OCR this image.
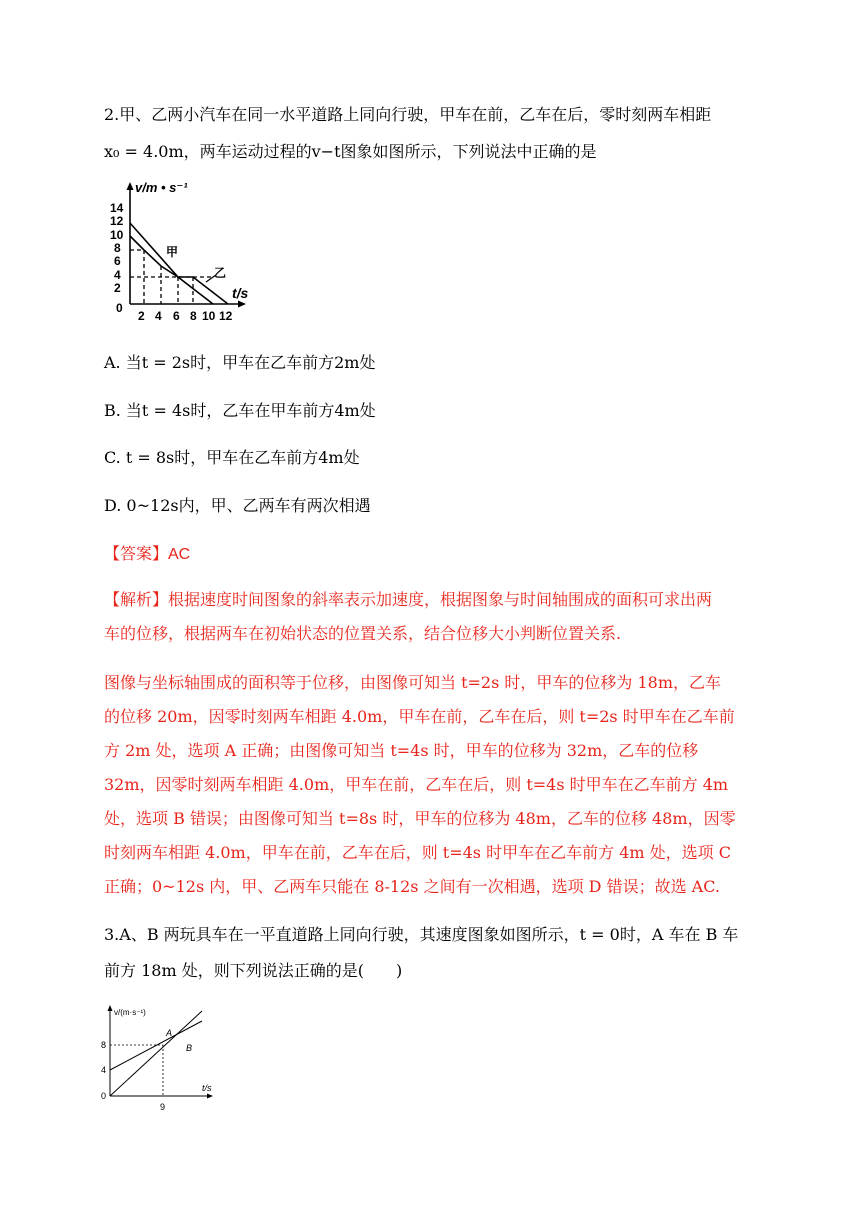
2.甲、乙两小汽车在同一水平道路上同向行驶，甲车在前，乙车在后，零时刻两车相距
x₀ = 4.0m，两车运动过程的v−t图象如图所示，下列说法中正确的是
v/m • s⁻¹
t/s
14
12
10
8
6
4
2
0
2 4 6 8 10 12
甲
乙
A. 当t = 2s时，甲车在乙车前方2m处
B. 当t = 4s时，乙车在甲车前方4m处
C. t = 8s时，甲车在乙车前方4m处
D. 0~12s内，甲、乙两车有两次相遇
【答案】AC
【解析】根据速度时间图象的斜率表示加速度，根据图象与时间轴围成的面积可求出两
车的位移，根据两车在初始状态的位置关系，结合位移大小判断位置关系.
图像与坐标轴围成的面积等于位移，由图像可知当 t=2s 时，甲车的位移为 18m，乙车
的位移 20m，因零时刻两车相距 4.0m，甲车在前，乙车在后，则 t=2s 时甲车在乙车前
方 2m 处，选项 A 正确；由图像可知当 t=4s 时，甲车的位移为 32m，乙车的位移
32m，因零时刻两车相距 4.0m，甲车在前，乙车在后，则 t=4s 时甲车在乙车前方 4m
处，选项 B 错误；由图像可知当 t=8s 时，甲车的位移为 48m，乙车的位移 48m，因零
时刻两车相距 4.0m，甲车在前，乙车在后，则 t=4s 时甲车在乙车前方 4m 处，选项 C
正确；0~12s 内，甲、乙两车只能在 8-12s 之间有一次相遇，选项 D 错误；故选 AC.
3.A、B 两玩具车在一平直道路上同向行驶，其速度图象如图所示，t = 0时，A 车在 B 车
前方 18m 处，则下列说法正确的是(　　)
v/(m·s⁻¹)
t/s
8
4
0
9
A
B
